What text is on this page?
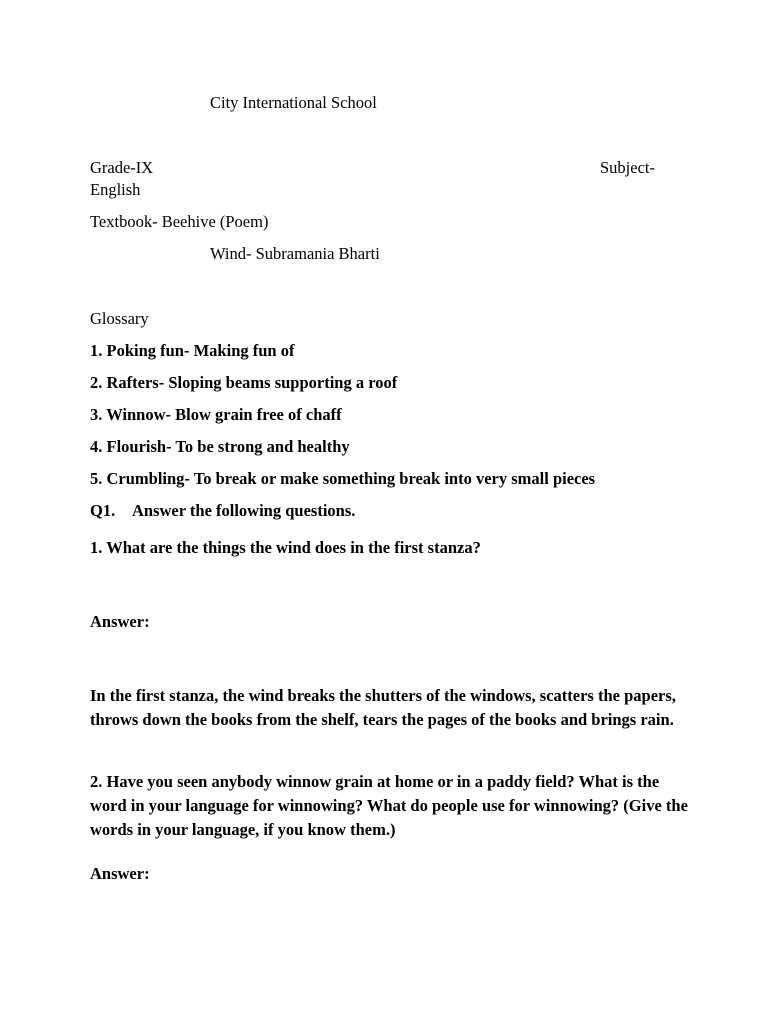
City International School
Grade-IX	Subject-
English
Textbook- Beehive (Poem)
Wind- Subramania Bharti
Glossary
1. Poking fun- Making fun of
2. Rafters- Sloping beams supporting a roof
3. Winnow- Blow grain free of chaff
4. Flourish- To be strong and healthy
5. Crumbling- To break or make something break into very small pieces
Q1. Answer the following questions.
1. What are the things the wind does in the first stanza?
Answer:
In the first stanza, the wind breaks the shutters of the windows, scatters the papers, throws down the books from the shelf, tears the pages of the books and brings rain.
2. Have you seen anybody winnow grain at home or in a paddy field? What is the word in your language for winnowing? What do people use for winnowing? (Give the words in your language, if you know them.)
Answer:
